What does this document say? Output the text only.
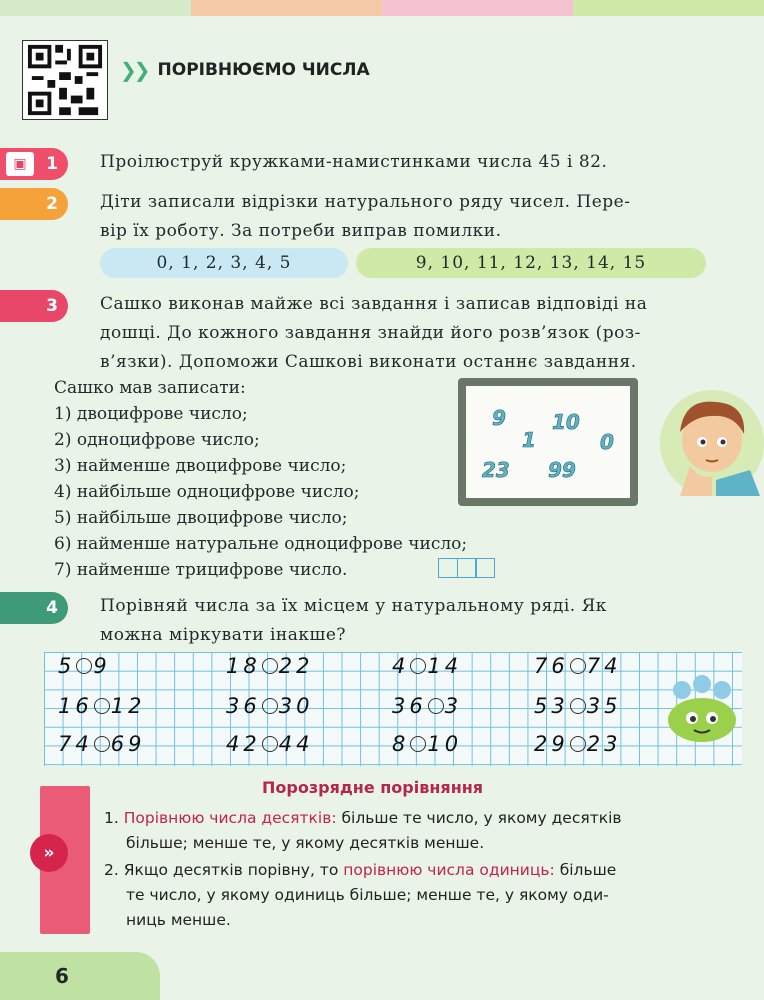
❯❯ ПОРІВНЮЄМО ЧИСЛА
▣	1 Проілюструй кружками-намистинками числа 45 і 82.
2 Діти записали відрізки натурального ряду чисел. Пере-
вір їх роботу. За потреби виправ помилки.
0, 1, 2, 3, 4, 5	9, 10, 11, 12, 13, 14, 15
3 Сашко виконав майже всі завдання і записав відповіді на
дошці. До кожного завдання знайди його розв’язок (роз-
в’язки). Допоможи Сашкові виконати останнє завдання.
Сашко мав записати:
1) двоцифрове число;
2) одноцифрове число;
3) найменше двоцифрове число;
4) найбільше одноцифрове число;
5) найбільше двоцифрове число;
6) найменше натуральне одноцифрове число;
7) найменше трицифрове число.
9 10
1	0
23 99
4 Порівняй числа за їх місцем у натуральному ряді. Як
можна міркувати інакше?
5 9	18 22	4 14	76 74
16 12	36 30	36 3	53 35
74 69	42 44	8 10	29 23
»
Порозрядне порівняння
1. Порівнюю числа десятків: більше те число, у якому десятків
більше; менше те, у якому десятків менше.
2. Якщо десятків порівну, то порівнюю числа одиниць: більше
те число, у якому одиниць більше; менше те, у якому оди-
ниць менше.
6
